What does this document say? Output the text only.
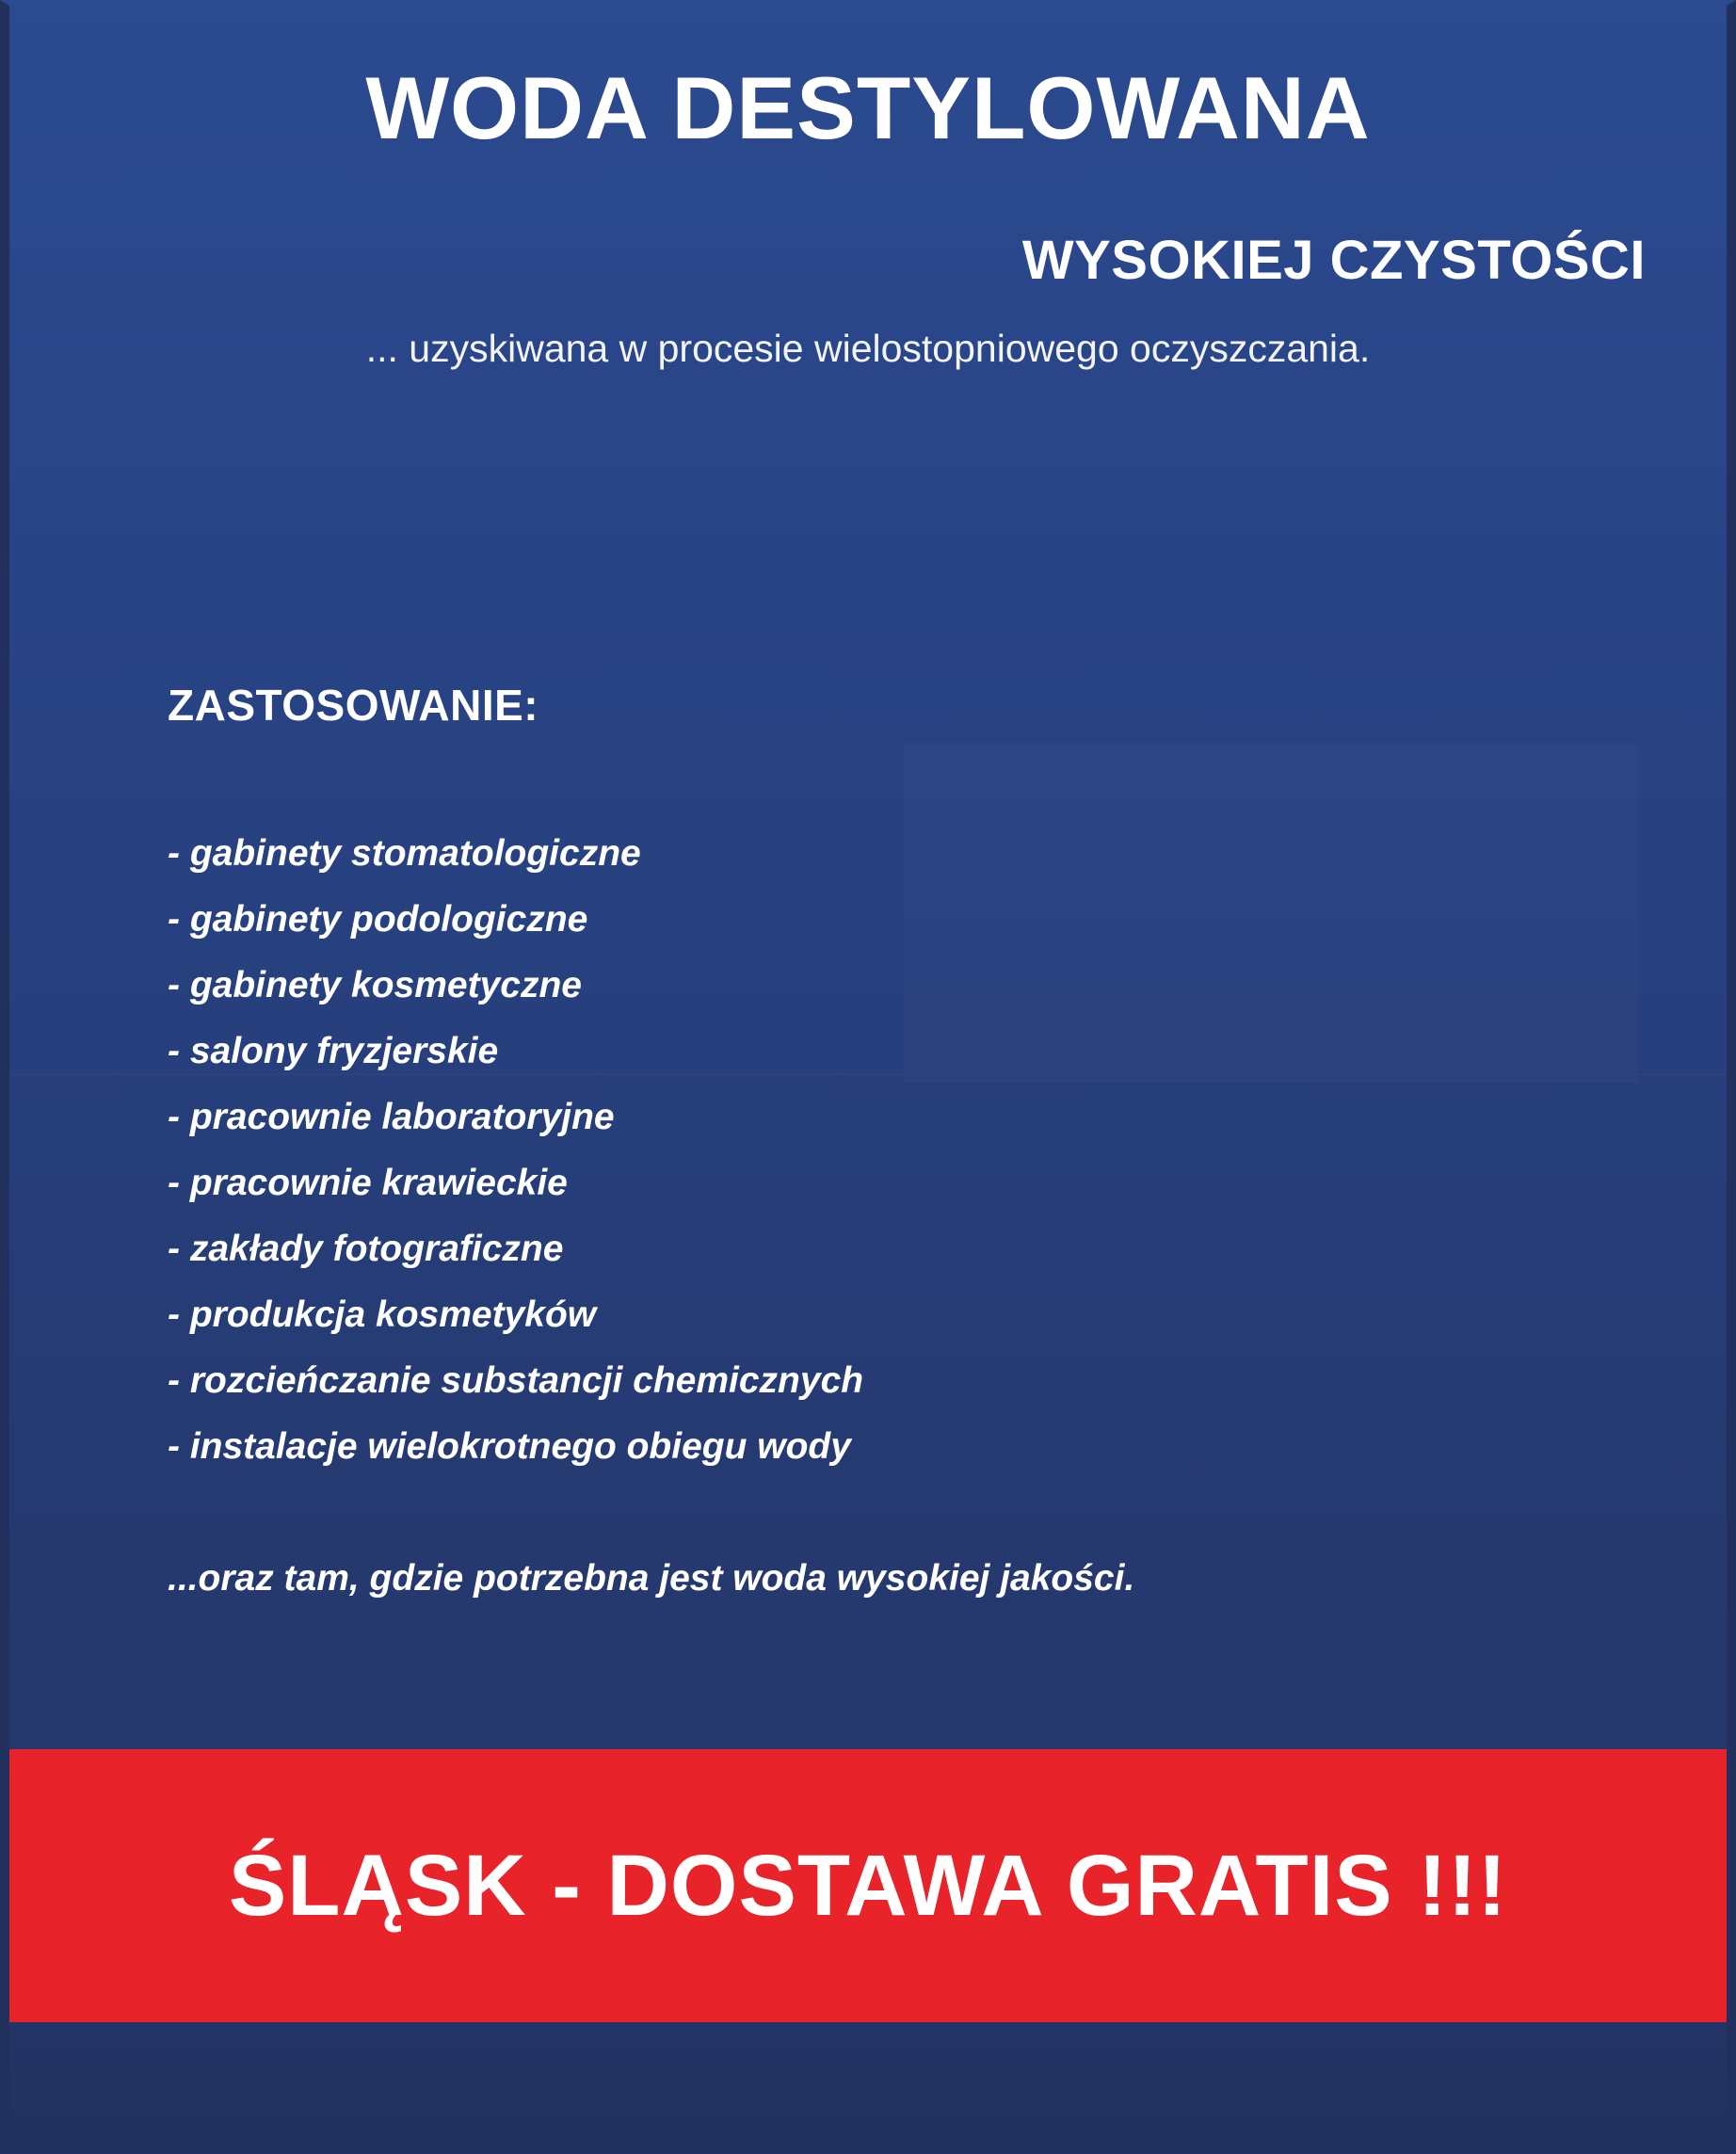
WODA DESTYLOWANA
WYSOKIEJ CZYSTOŚCI
... uzyskiwana w procesie wielostopniowego oczyszczania.
ZASTOSOWANIE:
- gabinety stomatologiczne
- gabinety podologiczne
- gabinety kosmetyczne
- salony fryzjerskie
- pracownie laboratoryjne
- pracownie krawieckie
- zakłady fotograficzne
- produkcja kosmetyków
- rozcieńczanie substancji chemicznych
- instalacje wielokrotnego obiegu wody
...oraz tam, gdzie potrzebna jest woda wysokiej jakości.
ŚLĄSK - DOSTAWA GRATIS !!!
